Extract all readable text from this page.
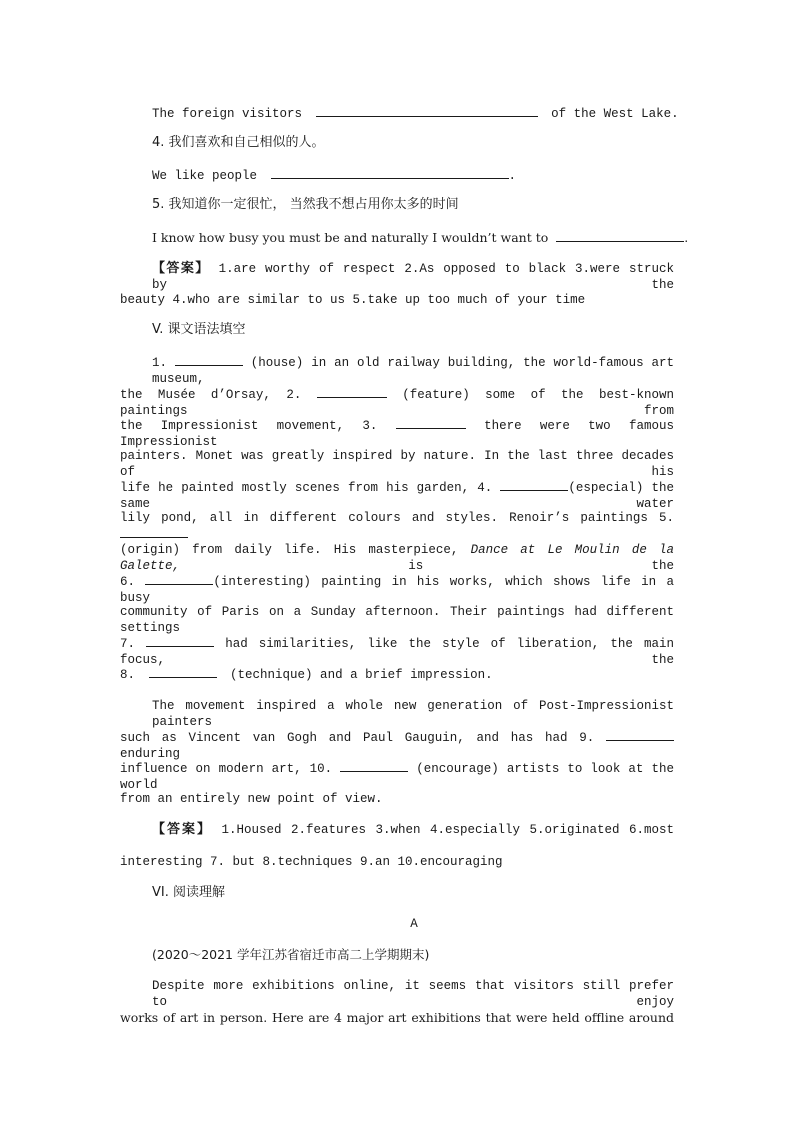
The foreign visitors	of the West Lake.
4. 我们喜欢和自己相似的人。
We like people	.
5. 我知道你一定很忙， 当然我不想占用你太多的时间
I know how busy you must be and naturally I wouldn’t want to	.
【答案】 1.are worthy of respect 2.As opposed to black 3.were struck by the
beauty 4.who are similar to us 5.take up too much of your time
V. 课文语法填空
1.	(house) in an old railway building, the world-famous art museum,
the Musée d’Orsay, 2.	(feature) some of the best-known paintings from
the Impressionist movement, 3.	there were two famous Impressionist
painters. Monet was greatly inspired by nature. In the last three decades of his
life he painted mostly scenes from his garden, 4.	(especial) the same water
lily pond, all in different colours and styles. Renoir’s paintings 5.
(origin) from daily life. His masterpiece, Dance at Le Moulin de la Galette,	is the
6.	(interesting) painting in his works, which shows life in a busy
community of Paris on a Sunday afternoon. Their paintings had different settings
7.	had similarities, like the style of liberation, the main focus, the
8.	(technique) and a brief impression.
The movement inspired a whole new generation of Post-Impressionist painters
such as Vincent van Gogh and Paul Gauguin, and has had 9.  enduring
influence on modern art, 10.	(encourage) artists to look at the world
from an entirely new point of view.
【答案】 1.Housed 2.features 3.when 4.especially 5.originated 6.most
interesting 7. but 8.techniques 9.an 10.encouraging
VI. 阅读理解
A
(2020～2021 学年江苏省宿迁市高二上学期期末)
Despite more exhibitions online, it seems that visitors still prefer to enjoy
works of art in person. Here are 4 major art exhibitions that were held offline around
